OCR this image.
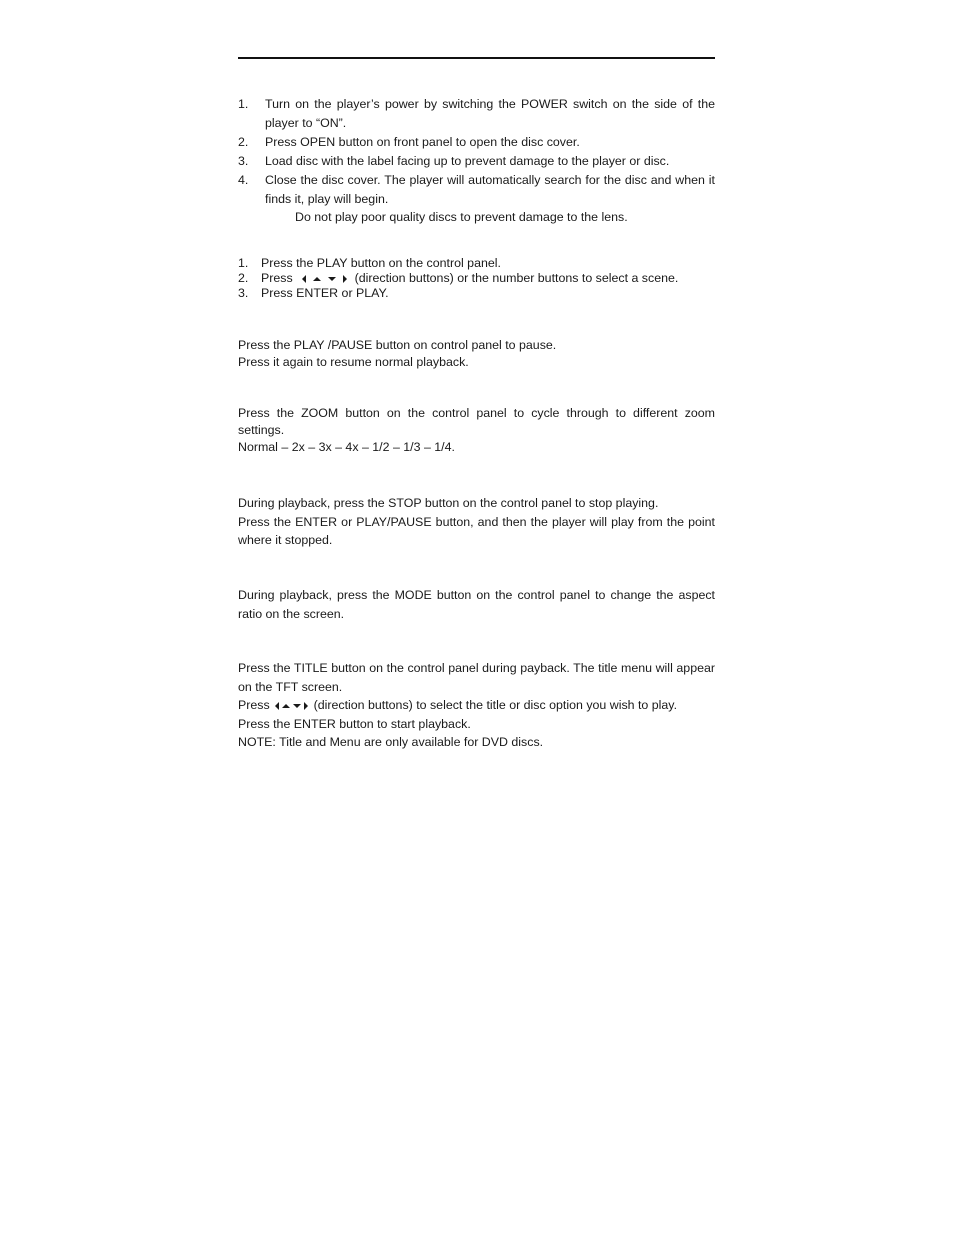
1. Turn on the player’s power by switching the POWER switch on the side of the player to “ON”.
2. Press OPEN button on front panel to open the disc cover.
3. Load disc with the label facing up to prevent damage to the player or disc.
4. Close the disc cover. The player will automatically search for the disc and when it finds it, play will begin.
Do not play poor quality discs to prevent damage to the lens.
1. Press the PLAY button on the control panel.
2. Press	(direction buttons) or the number buttons to select a scene.
3. Press ENTER or PLAY.

Press the PLAY /PAUSE button on control panel to pause.

Press it again to resume normal playback.

Press the ZOOM button on the control panel to cycle through to different zoom settings.

Normal – 2x – 3x – 4x – 1/2 – 1/3 – 1/4.

During playback, press the STOP button on the control panel to stop playing.

Press the ENTER or PLAY/PAUSE button, and then the player will play from the point where it stopped.

During playback, press the MODE button on the control panel to change the aspect ratio on the screen.

Press the TITLE button on the control panel during payback. The title menu will appear on the TFT screen.

Press	(direction buttons) to select the title or disc option you wish to play.

Press the ENTER button to start playback.

NOTE: Title and Menu are only available for DVD discs.
